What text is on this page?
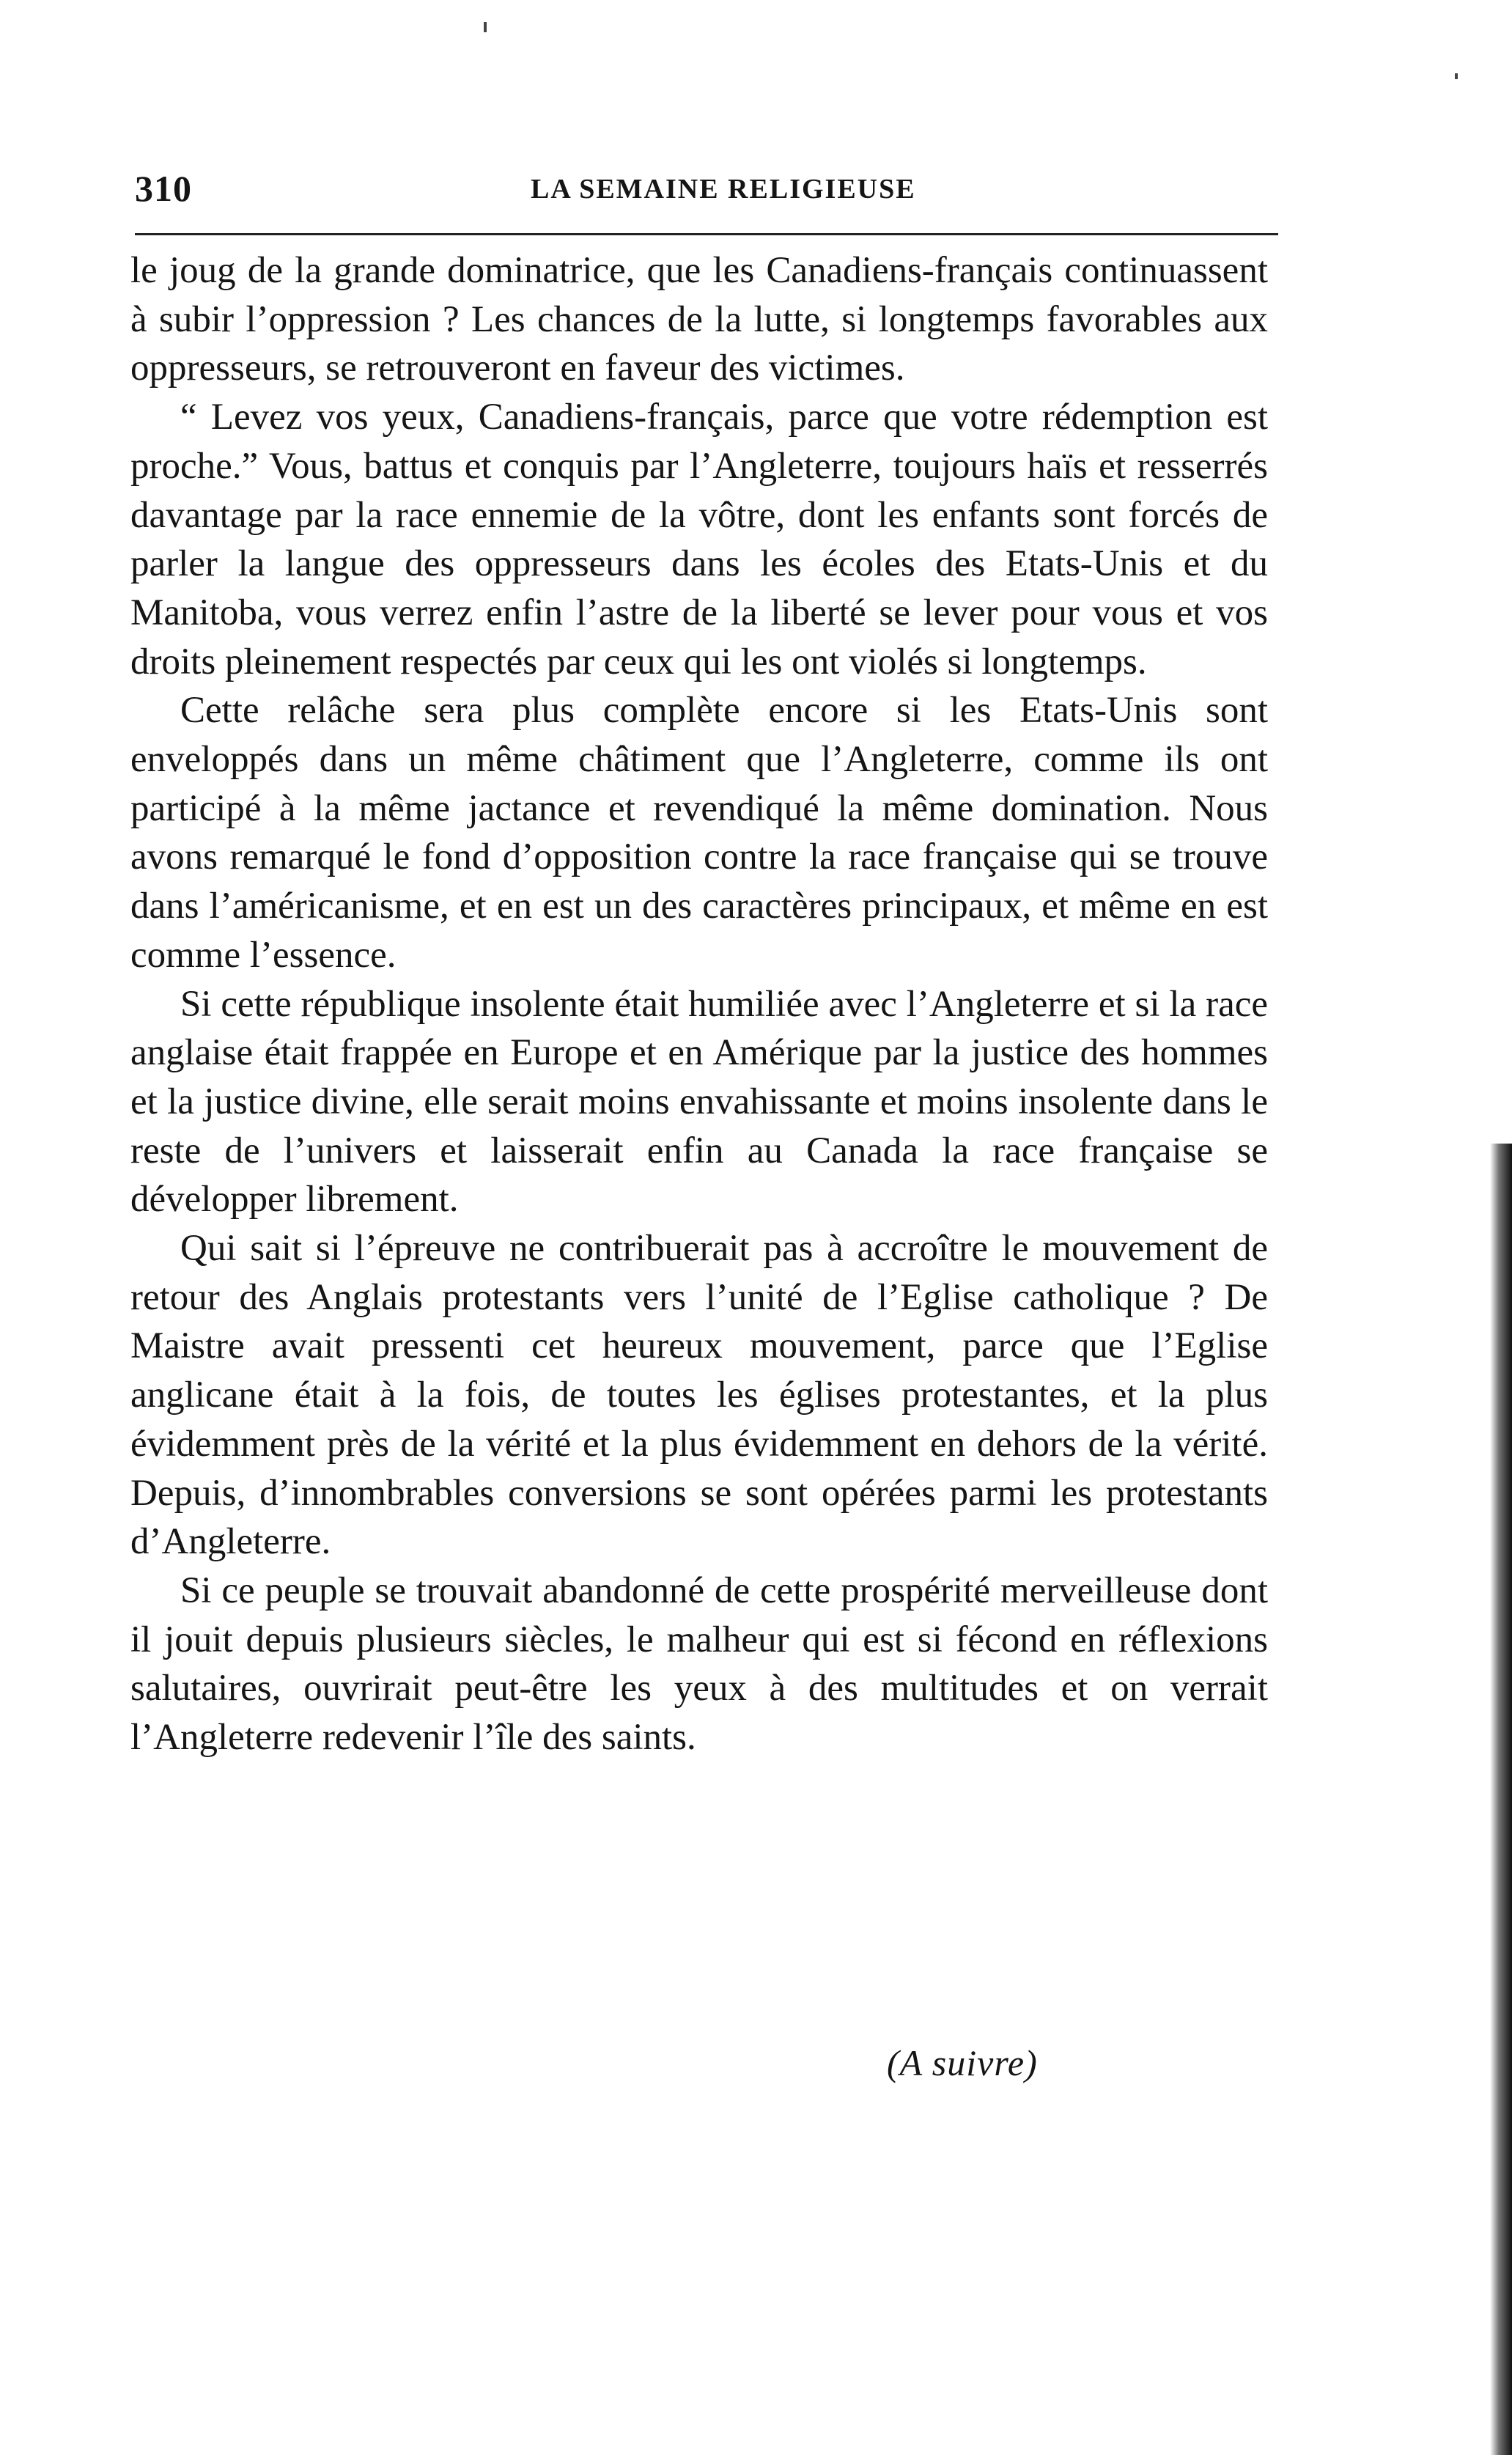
310	LA SEMAINE RELIGIEUSE

le joug de la grande dominatrice, que les Canadiens-français continuassent à subir l’oppression ? Les chances de la lutte, si longtemps favorables aux oppresseurs, se retrouveront en faveur des victimes.

“ Levez vos yeux, Canadiens-français, parce que votre rédemption est proche.” Vous, battus et conquis par l’Angleterre, toujours haïs et resserrés davantage par la race ennemie de la vôtre, dont les enfants sont forcés de parler la langue des oppresseurs dans les écoles des Etats-Unis et du Manitoba, vous verrez enfin l’astre de la liberté se lever pour vous et vos droits pleinement respectés par ceux qui les ont violés si longtemps.

Cette relâche sera plus complète encore si les Etats-Unis sont enveloppés dans un même châtiment que l’Angleterre, comme ils ont participé à la même jactance et revendiqué la même domination. Nous avons remarqué le fond d’opposition contre la race française qui se trouve dans l’américanisme, et en est un des caractères principaux, et même en est comme l’essence.

Si cette république insolente était humiliée avec l’Angleterre et si la race anglaise était frappée en Europe et en Amérique par la justice des hommes et la justice divine, elle serait moins envahissante et moins insolente dans le reste de l’univers et laisserait enfin au Canada la race française se développer librement.

Qui sait si l’épreuve ne contribuerait pas à accroître le mouvement de retour des Anglais protestants vers l’unité de l’Eglise catholique ? De Maistre avait pressenti cet heureux mouvement, parce que l’Eglise anglicane était à la fois, de toutes les églises protestantes, et la plus évidemment près de la vérité et la plus évidemment en dehors de la vérité. Depuis, d’innombrables conversions se sont opérées parmi les protestants d’Angleterre.

Si ce peuple se trouvait abandonné de cette prospérité merveilleuse dont il jouit depuis plusieurs siècles, le malheur qui est si fécond en réflexions salutaires, ouvrirait peut-être les yeux à des multitudes et on verrait l’Angleterre redevenir l’île des saints.

(A suivre)
